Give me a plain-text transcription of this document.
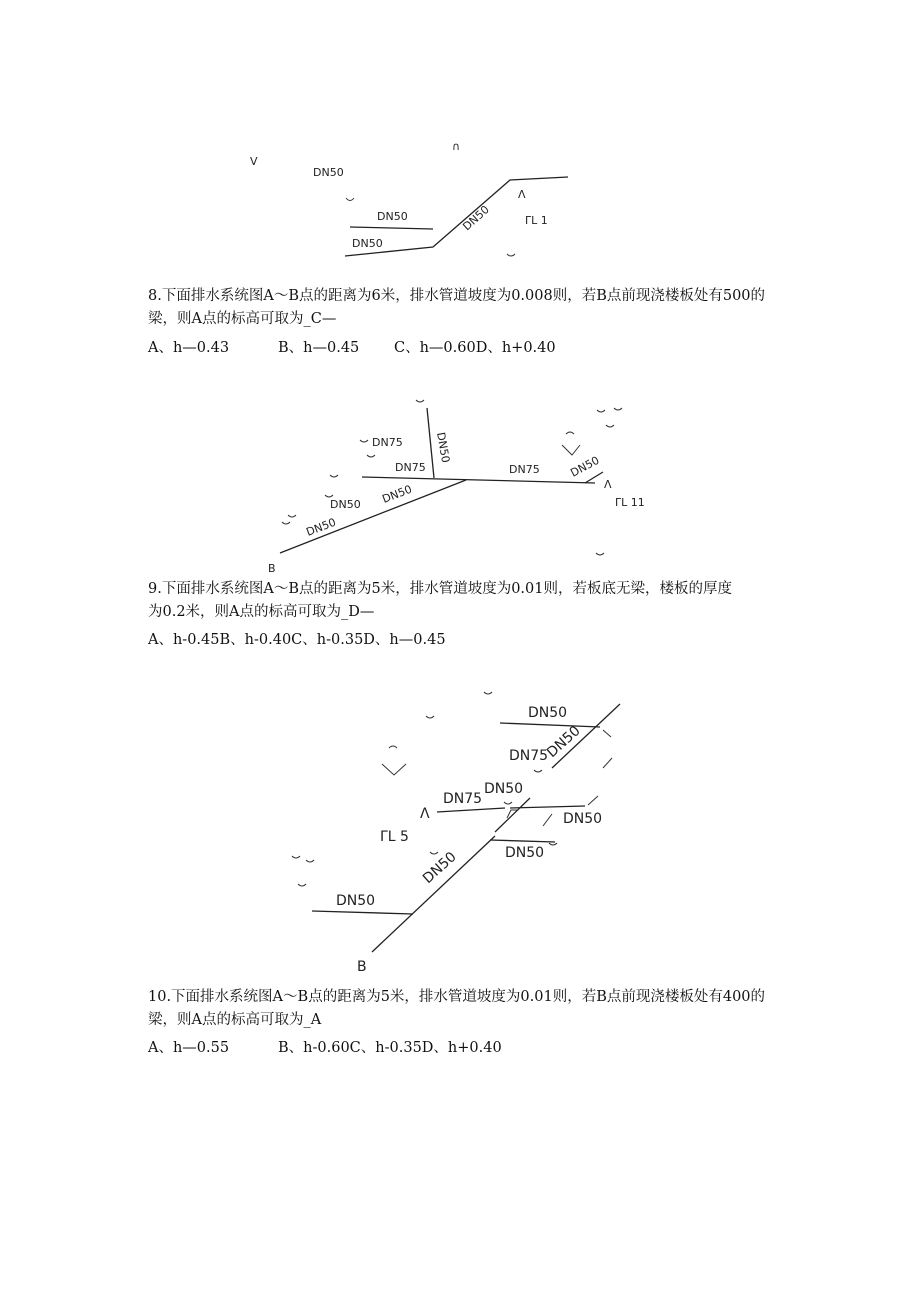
V
∩
DN50
DN50
DN50
DN50
Λ
ΓL 1
8.下面排水系统图A～B点的距离为6米，排水管道坡度为0.008则，若B点前现浇楼板处有500的
梁，则A点的标高可取为_C—
A、h—0.43	B、h—0.45 C、h—0.60D、h+0.40
DN75
DN75	DN75
DN50
DN50
DN50 DN50
DN50
Λ
B
ΓL 11
9.下面排水系统图A～B点的距离为5米，排水管道坡度为0.01则，若板底无梁，楼板的厚度
为0.2米，则A点的标高可取为_D—
A、h-0.45B、h-0.40C、h-0.35D、h—0.45
DN50
DN75
DN50
DN75
DN50
DN50
DN50
DN50
DN50
Λ
B
ΓL 5
10.下面排水系统图A～B点的距离为5米，排水管道坡度为0.01则，若B点前现浇楼板处有400的
梁，则A点的标高可取为_A
A、h—0.55	B、h-0.60C、h-0.35D、h+0.40
